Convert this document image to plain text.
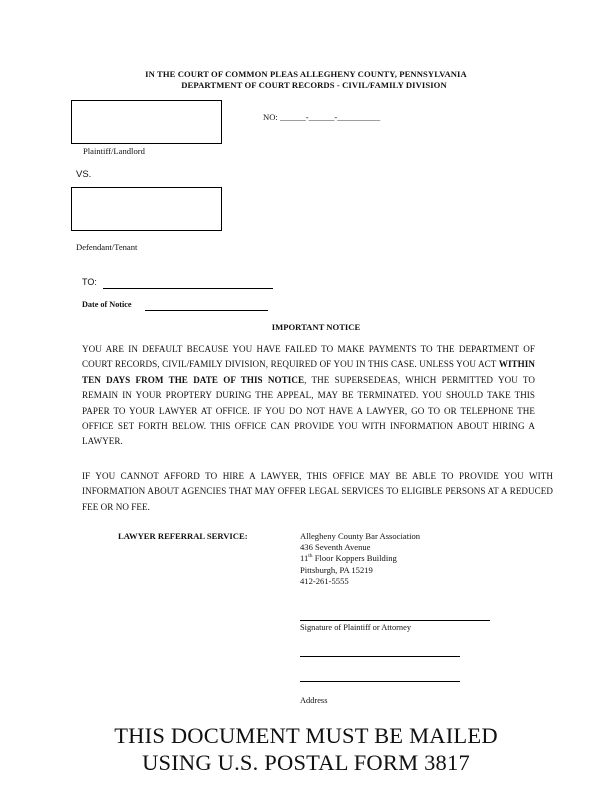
IN THE COURT OF COMMON PLEAS ALLEGHENY COUNTY, PENNSYLVANIA
DEPARTMENT OF COURT RECORDS - CIVIL/FAMILY DIVISION
Plaintiff/Landlord
NO: ______-______-__________
VS.
Defendant/Tenant
TO:
Date of Notice
IMPORTANT NOTICE
YOU ARE IN DEFAULT BECAUSE YOU HAVE FAILED TO MAKE PAYMENTS TO THE DEPARTMENT OF COURT RECORDS, CIVIL/FAMILY DIVISION, REQUIRED OF YOU IN THIS CASE. UNLESS YOU ACT WITHIN TEN DAYS FROM THE DATE OF THIS NOTICE, THE SUPERSEDEAS, WHICH PERMITTED YOU TO REMAIN IN YOUR PROPTERY DURING THE APPEAL, MAY BE TERMINATED. YOU SHOULD TAKE THIS PAPER TO YOUR LAWYER AT OFFICE. IF YOU DO NOT HAVE A LAWYER, GO TO OR TELEPHONE THE OFFICE SET FORTH BELOW. THIS OFFICE CAN PROVIDE YOU WITH INFORMATION ABOUT HIRING A LAWYER.
IF YOU CANNOT AFFORD TO HIRE A LAWYER, THIS OFFICE MAY BE ABLE TO PROVIDE YOU WITH INFORMATION ABOUT AGENCIES THAT MAY OFFER LEGAL SERVICES TO ELIGIBLE PERSONS AT A REDUCED FEE OR NO FEE.
LAWYER REFERRAL SERVICE:	Allegheny County Bar Association
436 Seventh Avenue
11th Floor Koppers Building
Pittsburgh, PA 15219
412-261-5555
Signature of Plaintiff or Attorney
Address
THIS DOCUMENT MUST BE MAILED
USING U.S. POSTAL FORM 3817
